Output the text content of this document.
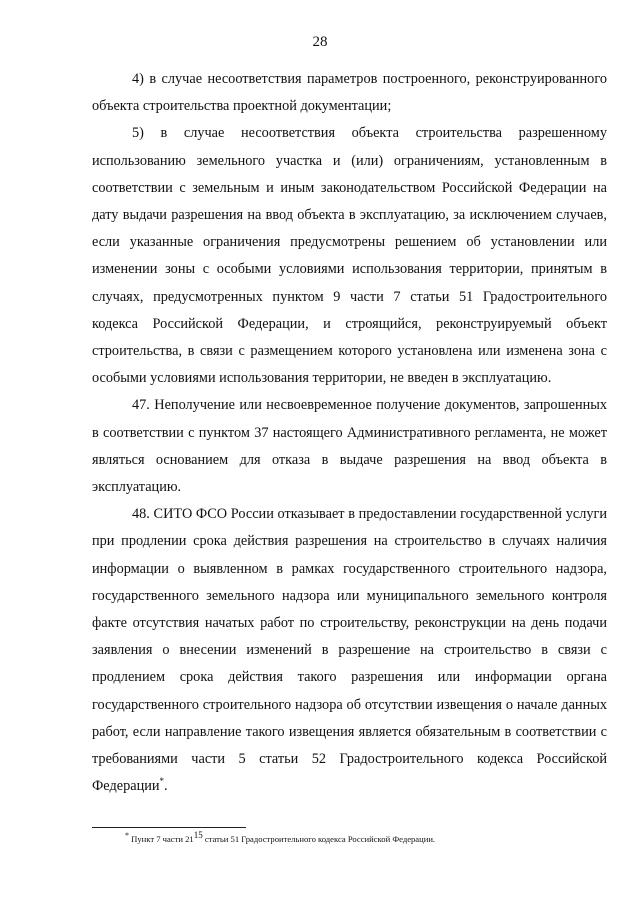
28

4) в случае несоответствия параметров построенного, реконструированного объекта строительства проектной документации;

5) в случае несоответствия объекта строительства разрешенному использованию земельного участка и (или) ограничениям, установленным в соответствии с земельным и иным законодательством Российской Федерации на дату выдачи разрешения на ввод объекта в эксплуатацию, за исключением случаев, если указанные ограничения предусмотрены решением об установлении или изменении зоны с особыми условиями использования территории, принятым в случаях, предусмотренных пунктом 9 части 7 статьи 51 Градостроительного кодекса Российской Федерации, и строящийся, реконструируемый объект строительства, в связи с размещением которого установлена или изменена зона с особыми условиями использования территории, не введен в эксплуатацию.

47. Неполучение или несвоевременное получение документов, запрошенных в соответствии с пунктом 37 настоящего Административного регламента, не может являться основанием для отказа в выдаче разрешения на ввод объекта в эксплуатацию.

48. СИТО ФСО России отказывает в предоставлении государственной услуги при продлении срока действия разрешения на строительство в случаях наличия информации о выявленном в рамках государственного строительного надзора, государственного земельного надзора или муниципального земельного контроля факте отсутствия начатых работ по строительству, реконструкции на день подачи заявления о внесении изменений в разрешение на строительство в связи с продлением срока действия такого разрешения или информации органа государственного строительного надзора об отсутствии извещения о начале данных работ, если направление такого извещения является обязательным в соответствии с требованиями части 5 статьи 52 Градостроительного кодекса Российской Федерации*.

* Пункт 7 части 2115 статьи 51 Градостроительного кодекса Российской Федерации.
